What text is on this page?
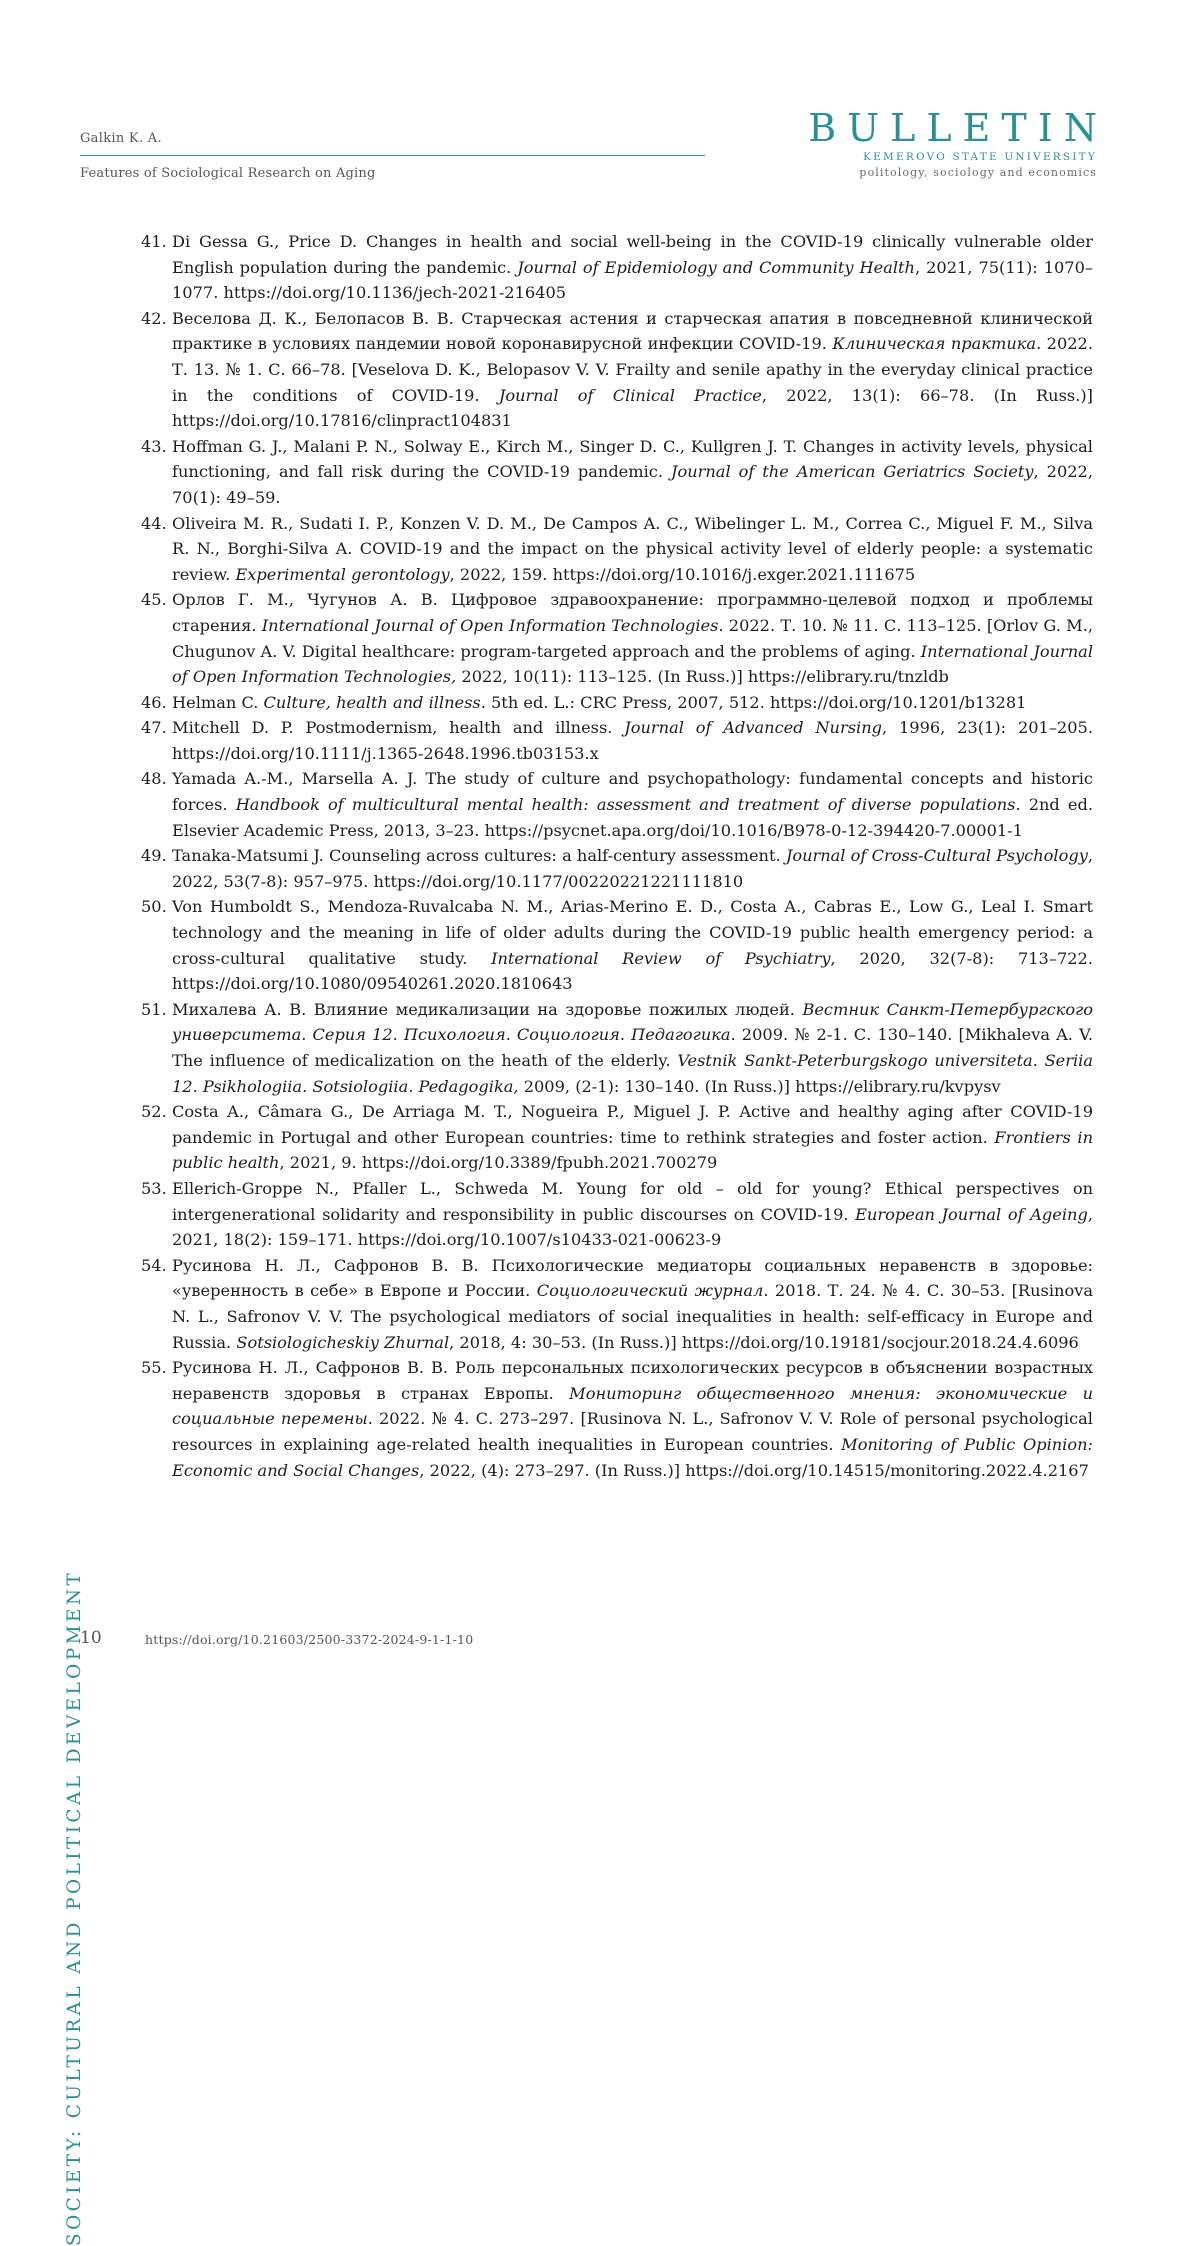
Galkin K. A.
Features of Sociological Research on Aging
BULLETIN
KEMEROVO STATE UNIVERSITY
politology, sociology and economics
41. Di Gessa G., Price D. Changes in health and social well-being in the COVID-19 clinically vulnerable older English population during the pandemic. Journal of Epidemiology and Community Health, 2021, 75(11): 1070–1077. https://doi.org/10.1136/jech-2021-216405
42. Веселова Д. К., Белопасов В. В. Старческая астения и старческая апатия в повседневной клинической практике в условиях пандемии новой коронавирусной инфекции COVID-19. Клиническая практика. 2022. Т. 13. № 1. С. 66–78. [Veselova D. K., Belopasov V. V. Frailty and senile apathy in the everyday clinical practice in the conditions of COVID-19. Journal of Clinical Practice, 2022, 13(1): 66–78. (In Russ.)] https://doi.org/10.17816/clinpract104831
43. Hoffman G. J., Malani P. N., Solway E., Kirch M., Singer D. C., Kullgren J. T. Changes in activity levels, physical functioning, and fall risk during the COVID-19 pandemic. Journal of the American Geriatrics Society, 2022, 70(1): 49–59.
44. Oliveira M. R., Sudati I. P., Konzen V. D. M., De Campos A. C., Wibelinger L. M., Correa C., Miguel F. M., Silva R. N., Borghi-Silva A. COVID-19 and the impact on the physical activity level of elderly people: a systematic review. Experimental gerontology, 2022, 159. https://doi.org/10.1016/j.exger.2021.111675
45. Орлов Г. М., Чугунов А. В. Цифровое здравоохранение: программно-целевой подход и проблемы старения. International Journal of Open Information Technologies. 2022. Т. 10. № 11. С. 113–125. [Orlov G. M., Chugunov A. V. Digital healthcare: program-targeted approach and the problems of aging. International Journal of Open Information Technologies, 2022, 10(11): 113–125. (In Russ.)] https://elibrary.ru/tnzldb
46. Helman C. Culture, health and illness. 5th ed. L.: CRC Press, 2007, 512. https://doi.org/10.1201/b13281
47. Mitchell D. P. Postmodernism, health and illness. Journal of Advanced Nursing, 1996, 23(1): 201–205. https://doi.org/10.1111/j.1365-2648.1996.tb03153.x
48. Yamada A.-M., Marsella A. J. The study of culture and psychopathology: fundamental concepts and historic forces. Handbook of multicultural mental health: assessment and treatment of diverse populations. 2nd ed. Elsevier Academic Press, 2013, 3–23. https://psycnet.apa.org/doi/10.1016/B978-0-12-394420-7.00001-1
49. Tanaka-Matsumi J. Counseling across cultures: a half-century assessment. Journal of Cross-Cultural Psychology, 2022, 53(7-8): 957–975. https://doi.org/10.1177/00220221221111810
50. Von Humboldt S., Mendoza-Ruvalcaba N. M., Arias-Merino E. D., Costa A., Cabras E., Low G., Leal I. Smart technology and the meaning in life of older adults during the COVID-19 public health emergency period: a cross-cultural qualitative study. International Review of Psychiatry, 2020, 32(7-8): 713–722. https://doi.org/10.1080/09540261.2020.1810643
51. Михалева А. В. Влияние медикализации на здоровье пожилых людей. Вестник Санкт-Петербургского университета. Серия 12. Психология. Социология. Педагогика. 2009. № 2-1. С. 130–140. [Mikhaleva A. V. The influence of medicalization on the heath of the elderly. Vestnik Sankt-Peterburgskogo universiteta. Seriia 12. Psikhologiia. Sotsiologiia. Pedagogika, 2009, (2-1): 130–140. (In Russ.)] https://elibrary.ru/kvpysv
52. Costa A., Câmara G., De Arriaga M. T., Nogueira P., Miguel J. P. Active and healthy aging after COVID-19 pandemic in Portugal and other European countries: time to rethink strategies and foster action. Frontiers in public health, 2021, 9. https://doi.org/10.3389/fpubh.2021.700279
53. Ellerich-Groppe N., Pfaller L., Schweda M. Young for old – old for young? Ethical perspectives on intergenerational solidarity and responsibility in public discourses on COVID-19. European Journal of Ageing, 2021, 18(2): 159–171. https://doi.org/10.1007/s10433-021-00623-9
54. Русинова Н. Л., Сафронов В. В. Психологические медиаторы социальных неравенств в здоровье: «уверенность в себе» в Европе и России. Социологический журнал. 2018. Т. 24. № 4. С. 30–53. [Rusinova N. L., Safronov V. V. The psychological mediators of social inequalities in health: self-efficacy in Europe and Russia. Sotsiologicheskiy Zhurnal, 2018, 4: 30–53. (In Russ.)] https://doi.org/10.19181/socjour.2018.24.4.6096
55. Русинова Н. Л., Сафронов В. В. Роль персональных психологических ресурсов в объяснении возрастных неравенств здоровья в странах Европы. Мониторинг общественного мнения: экономические и социальные перемены. 2022. № 4. С. 273–297. [Rusinova N. L., Safronov V. V. Role of personal psychological resources in explaining age-related health inequalities in European countries. Monitoring of Public Opinion: Economic and Social Changes, 2022, (4): 273–297. (In Russ.)] https://doi.org/10.14515/monitoring.2022.4.2167
SOCIETY: CULTURAL AND POLITICAL DEVELOPMENT
10	https://doi.org/10.21603/2500-3372-2024-9-1-1-10
